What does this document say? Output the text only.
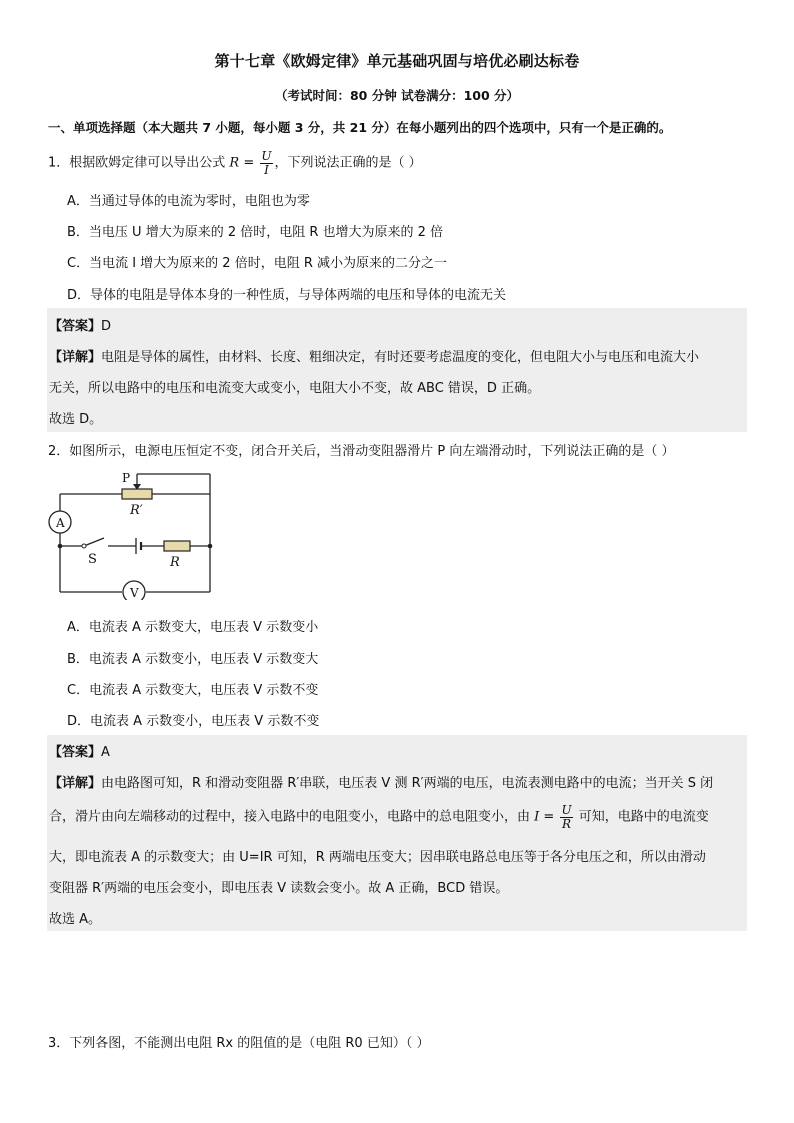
第十七章《欧姆定律》单元基础巩固与培优必刷达标卷
（考试时间：80 分钟 试卷满分：100 分）
一、单项选择题（本大题共 7 小题，每小题 3 分，共 21 分）在每小题列出的四个选项中，只有一个是正确的。
1．根据欧姆定律可以导出公式 $R = \frac{U}{I}$ ，下列说法正确的是（ ）
A．当通过导体的电流为零时，电阻也为零
B．当电压 U 增大为原来的 2 倍时，电阻 R 也增大为原来的 2 倍
C．当电流 I 增大为原来的 2 倍时，电阻 R 减小为原来的二分之一
D．导体的电阻是导体本身的一种性质，与导体两端的电压和导体的电流无关
【答案】D
【详解】电阻是导体的属性，由材料、长度、粗细决定，有时还要考虑温度的变化，但电阻大小与电压和电流大小
无关，所以电路中的电压和电流变大或变小，电阻大小不变，故 ABC 错误，D 正确。
故选 D。
2．如图所示，电源电压恒定不变，闭合开关后，当滑动变阻器滑片 P 向左端滑动时，下列说法正确的是（ ）
P
R′
A
S	R
V
A．电流表 A 示数变大，电压表 V 示数变小
B．电流表 A 示数变小，电压表 V 示数变大
C．电流表 A 示数变大，电压表 V 示数不变
D．电流表 A 示数变小，电压表 V 示数不变
【答案】A
【详解】由电路图可知，R 和滑动变阻器 R′串联，电压表 V 测 R′两端的电压，电流表测电路中的电流；当开关 S 闭
合，滑片由向左端移动的过程中，接入电路中的电阻变小，电路中的总电阻变小，由 $I = \frac{U}{R}$ 可知，电路中的电流变
大，即电流表 A 的示数变大；由 U=IR 可知，R 两端电压变大；因串联电路总电压等于各分电压之和，所以由滑动
变阻器 R′两端的电压会变小，即电压表 V 读数会变小。故 A 正确，BCD 错误。
故选 A。
3．下列各图，不能测出电阻 Rx 的阻值的是（电阻 R0 已知）（ ）
